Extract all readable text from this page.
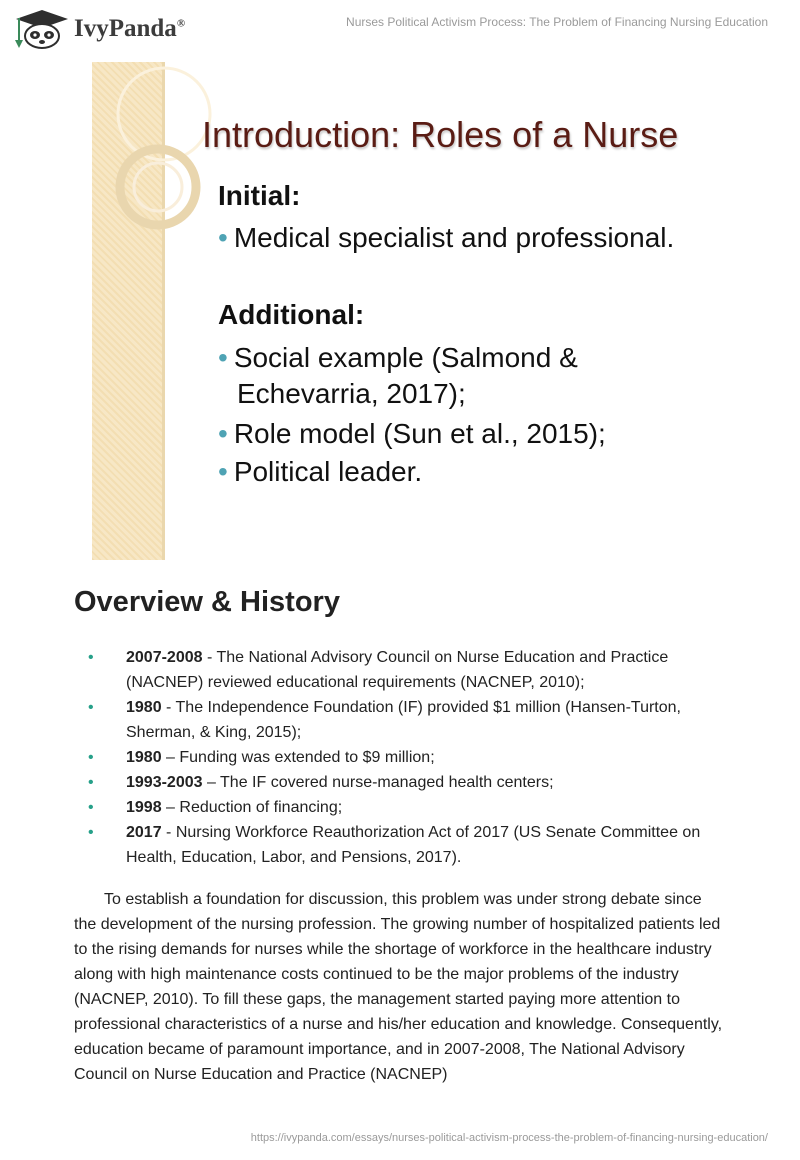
IvyPanda®	Nurses Political Activism Process: The Problem of Financing Nursing Education
Introduction: Roles of a Nurse
Initial:
• Medical specialist and professional.
Additional:
• Social example (Salmond &
Echevarria, 2017);
• Role model (Sun et al., 2015);
• Political leader.
Overview & History
• 2007-2008 - The National Advisory Council on Nurse Education and Practice (NACNEP) reviewed educational requirements (NACNEP, 2010);
• 1980 - The Independence Foundation (IF) provided $1 million (Hansen-Turton, Sherman, & King, 2015);
• 1980 – Funding was extended to $9 million;
• 1993-2003 – The IF covered nurse-managed health centers;
• 1998 – Reduction of financing;
• 2017 - Nursing Workforce Reauthorization Act of 2017 (US Senate Committee on Health, Education, Labor, and Pensions, 2017).

To establish a foundation for discussion, this problem was under strong debate since the development of the nursing profession. The growing number of hospitalized patients led to the rising demands for nurses while the shortage of workforce in the healthcare industry along with high maintenance costs continued to be the major problems of the industry (NACNEP, 2010). To fill these gaps, the management started paying more attention to professional characteristics of a nurse and his/her education and knowledge. Consequently, education became of paramount importance, and in 2007-2008, The National Advisory Council on Nurse Education and Practice (NACNEP)

https://ivypanda.com/essays/nurses-political-activism-process-the-problem-of-financing-nursing-education/
